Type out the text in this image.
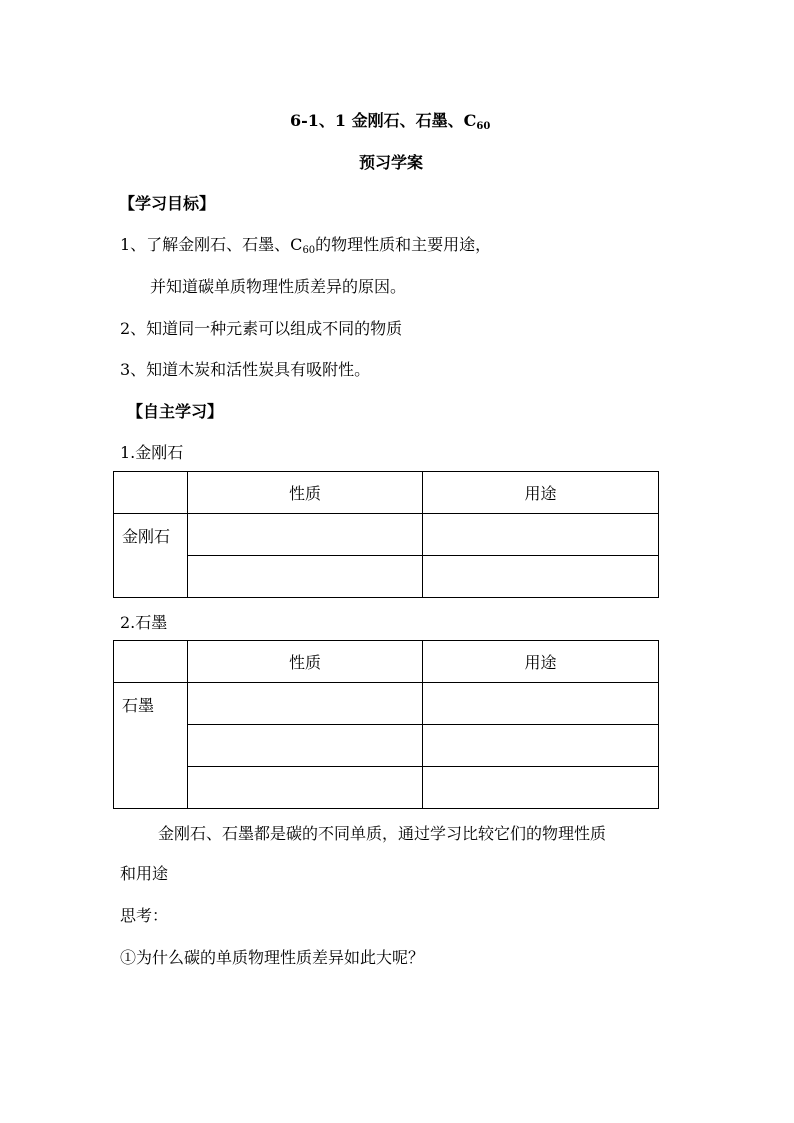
6-1、1 金刚石、石墨、$C_{60}$
预习学案
【学习目标】
1、了解金刚石、石墨、$C_{60}$的物理性质和主要用途，
并知道碳单质物理性质差异的原因。
2、知道同一种元素可以组成不同的物质
3、知道木炭和活性炭具有吸附性。
【自主学习】
1.金刚石
	性质	用途
金刚石		

2.石墨
	性质	用途
石墨		

金刚石、石墨都是碳的不同单质，通过学习比较它们的物理性质
和用途
思考：
①为什么碳的单质物理性质差异如此大呢？
